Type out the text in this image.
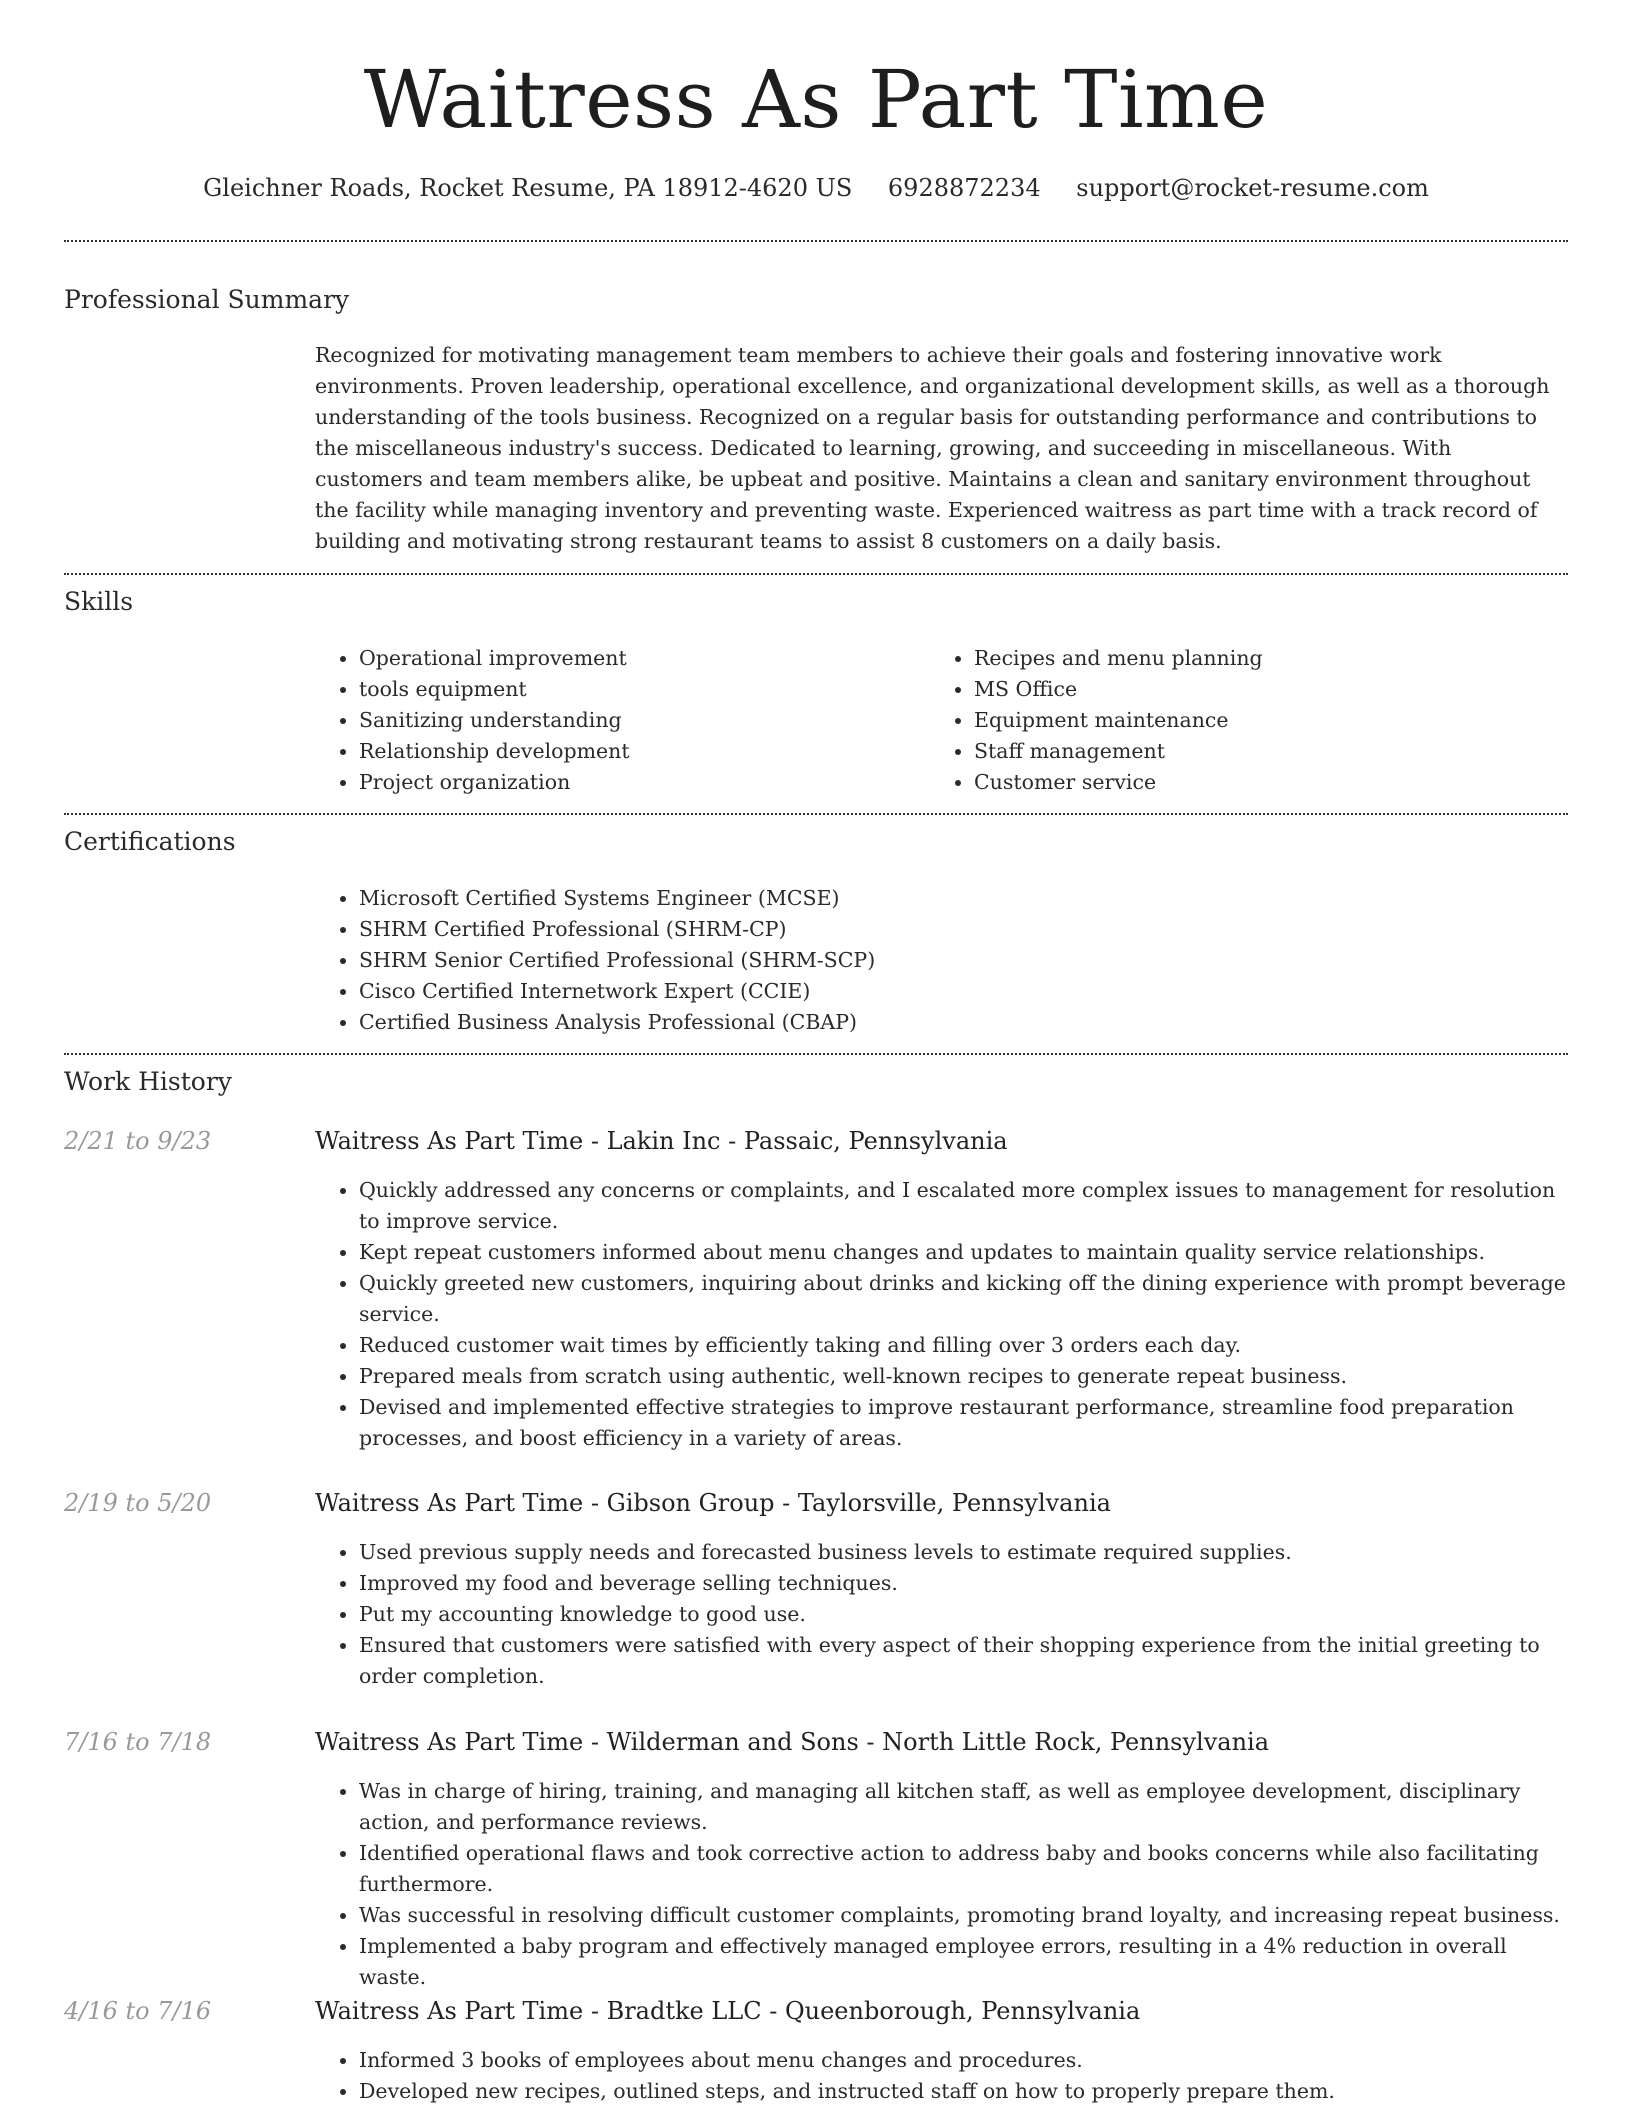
Waitress As Part Time
Gleichner Roads, Rocket Resume, PA 18912-4620 US 6928872234 support@rocket-resume.com
Professional Summary

Recognized for motivating management team members to achieve their goals and fostering innovative work environments. Proven leadership, operational excellence, and organizational development skills, as well as a thorough understanding of the tools business. Recognized on a regular basis for outstanding performance and contributions to the miscellaneous industry's success. Dedicated to learning, growing, and succeeding in miscellaneous. With customers and team members alike, be upbeat and positive. Maintains a clean and sanitary environment throughout the facility while managing inventory and preventing waste. Experienced waitress as part time with a track record of building and motivating strong restaurant teams to assist 8 customers on a daily basis.

Skills
• Operational improvement
• tools equipment
• Sanitizing understanding
• Relationship development
• Project organization
• Recipes and menu planning
• MS Office
• Equipment maintenance
• Staff management
• Customer service
Certifications
• Microsoft Certified Systems Engineer (MCSE)
• SHRM Certified Professional (SHRM-CP)
• SHRM Senior Certified Professional (SHRM-SCP)
• Cisco Certified Internetwork Expert (CCIE)
• Certified Business Analysis Professional (CBAP)
Work History
2/21 to 9/23	Waitress As Part Time - Lakin Inc - Passaic, Pennsylvania
• Quickly addressed any concerns or complaints, and I escalated more complex issues to management for resolution to improve service.
• Kept repeat customers informed about menu changes and updates to maintain quality service relationships.
• Quickly greeted new customers, inquiring about drinks and kicking off the dining experience with prompt beverage service.
• Reduced customer wait times by efficiently taking and filling over 3 orders each day.
• Prepared meals from scratch using authentic, well-known recipes to generate repeat business.
• Devised and implemented effective strategies to improve restaurant performance, streamline food preparation processes, and boost efficiency in a variety of areas.
2/19 to 5/20	Waitress As Part Time - Gibson Group - Taylorsville, Pennsylvania
• Used previous supply needs and forecasted business levels to estimate required supplies.
• Improved my food and beverage selling techniques.
• Put my accounting knowledge to good use.
• Ensured that customers were satisfied with every aspect of their shopping experience from the initial greeting to order completion.
7/16 to 7/18	Waitress As Part Time - Wilderman and Sons - North Little Rock, Pennsylvania
• Was in charge of hiring, training, and managing all kitchen staff, as well as employee development, disciplinary action, and performance reviews.
• Identified operational flaws and took corrective action to address baby and books concerns while also facilitating furthermore.
• Was successful in resolving difficult customer complaints, promoting brand loyalty, and increasing repeat business.
• Implemented a baby program and effectively managed employee errors, resulting in a 4% reduction in overall waste.
4/16 to 7/16	Waitress As Part Time - Bradtke LLC - Queenborough, Pennsylvania
• Informed 3 books of employees about menu changes and procedures.
• Developed new recipes, outlined steps, and instructed staff on how to properly prepare them.
